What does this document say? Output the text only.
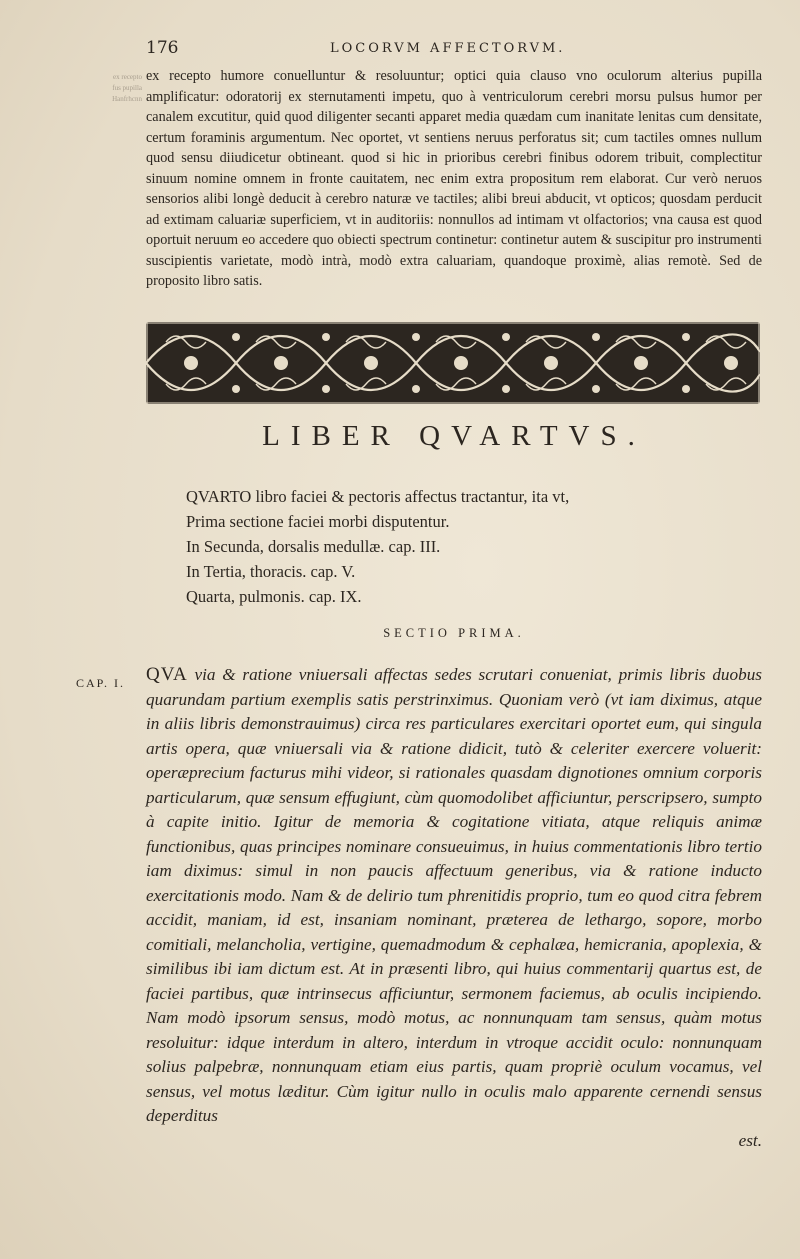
176	LOCORVM AFFECTORVM.
ex recepto
fus pupilla
Hanfrhcnn
ex recepto humore conuelluntur & resoluuntur; optici quia clauso vno oculorum alterius pupilla amplificatur: odoratorij ex sternutamenti impetu, quo à ventriculorum cerebri morsu pulsus humor per canalem excutitur, quid quod diligenter secanti apparet media quædam cum inanitate lenitas cum densitate, certum foraminis argumentum. Nec oportet, vt sentiens neruus perforatus sit; cum tactiles omnes nullum quod sensu diiudicetur obtineant. quod si hic in prioribus cerebri finibus odorem tribuit, complectitur sinuum nomine omnem in fronte cauitatem, nec enim extra propositum rem elaborat. Cur verò neruos sensorios alibi longè deducit à cerebro naturæ ve tactiles; alibi breui abducit, vt opticos; quosdam perducit ad extimam caluariæ superficiem, vt in auditoriis: nonnullos ad intimam vt olfactorios; vna causa est quod oportuit neruum eo accedere quo obiecti spectrum continetur: continetur autem & suscipitur pro instrumenti suscipientis varietate, modò intrà, modò extra caluariam, quandoque proximè, alias remotè. Sed de proposito libro satis.
LIBER QVARTVS.
QVARTO libro faciei & pectoris affectus tractantur, ita vt,
Prima sectione faciei morbi disputentur.
In Secunda, dorsalis medullæ. cap. III.
In Tertia, thoracis. cap. V.
Quarta, pulmonis. cap. IX.
SECTIO PRIMA.
CAP. I. QVA via & ratione vniuersali affectas sedes scrutari conueniat, primis libris duobus quarundam partium exemplis satis perstrinximus. Quoniam verò (vt iam diximus, atque in aliis libris demonstrauimus) circa res particulares exercitari oportet eum, qui singula artis opera, quæ vniuersali via & ratione didicit, tutò & celeriter exercere voluerit: operæprecium facturus mihi videor, si rationales quasdam dignotiones omnium corporis particularum, quæ sensum effugiunt, cùm quomodolibet afficiuntur, perscripsero, sumpto à capite initio. Igitur de memoria & cogitatione vitiata, atque reliquis animæ functionibus, quas principes nominare consueuimus, in huius commentationis libro tertio iam diximus: simul in non paucis affectuum generibus, via & ratione inducto exercitationis modo. Nam & de delirio tum phrenitidis proprio, tum eo quod citra febrem accidit, maniam, id est, insaniam nominant, præterea de lethargo, sopore, morbo comitiali, melancholia, vertigine, quemadmodum & cephalæa, hemicrania, apoplexia, & similibus ibi iam dictum est. At in præsenti libro, qui huius commentarij quartus est, de faciei partibus, quæ intrinsecus afficiuntur, sermonem faciemus, ab oculis incipiendo. Nam modò ipsorum sensus, modò motus, ac nonnunquam tam sensus, quàm motus resoluitur: idque interdum in altero, interdum in vtroque accidit oculo: nonnunquam solius palpebræ, nonnunquam etiam eius partis, quam propriè oculum vocamus, vel sensus, vel motus læditur. Cùm igitur nullo in oculis malo apparente cernendi sensus deperditus
est.
